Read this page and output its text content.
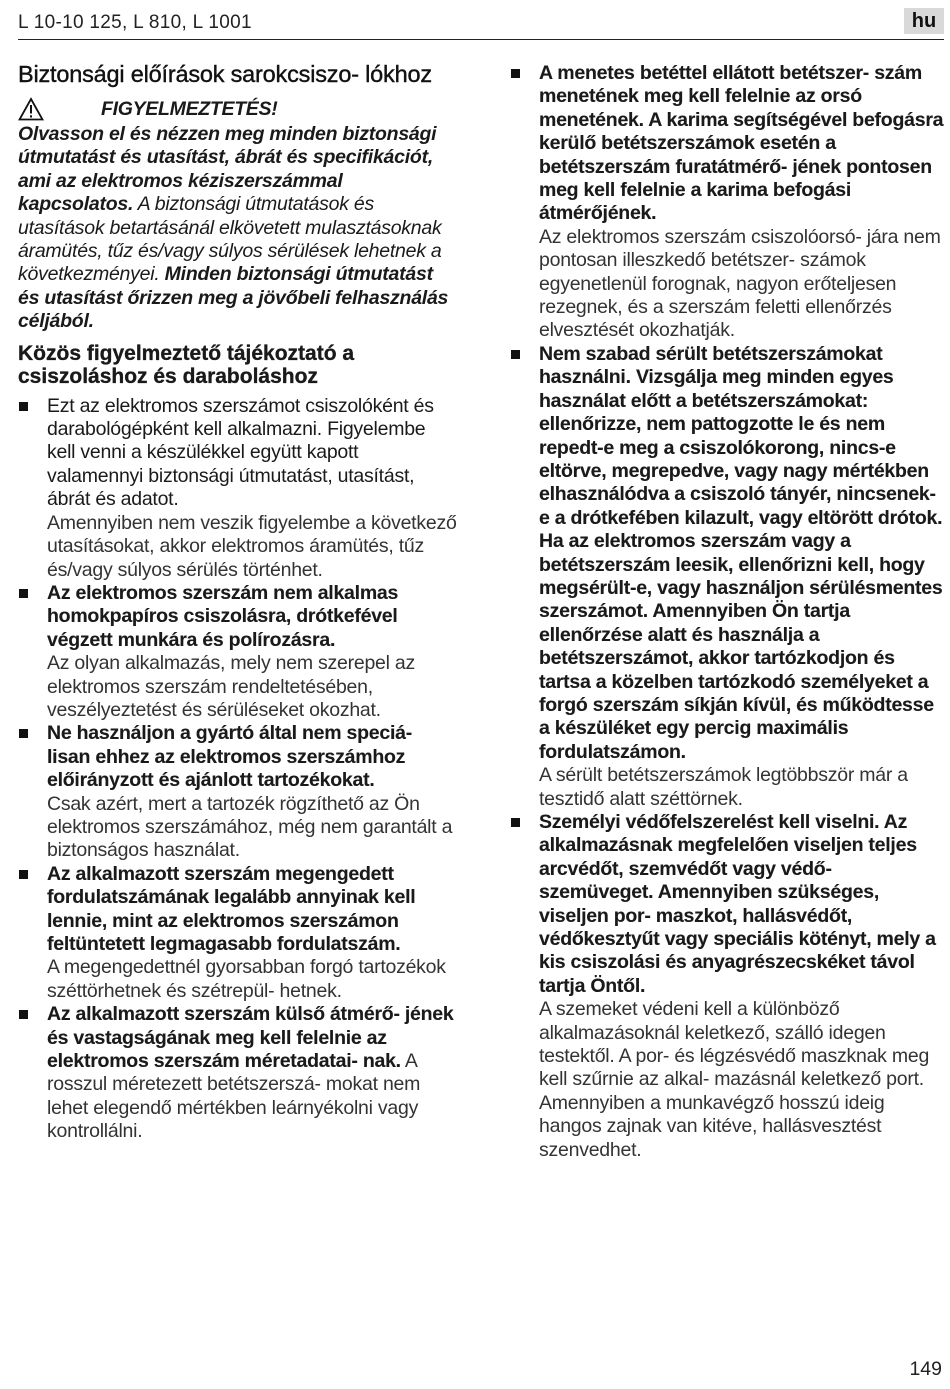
L 10-10 125, L 810, L 1001	hu
Biztonsági előírások sarokcsiszo- lókhoz
FIGYELMEZTETÉS!

Olvasson el és nézzen meg minden biztonsági útmutatást és utasítást, ábrát és specifikációt, ami az elektromos kéziszerszámmal kapcsolatos. A biztonsági útmutatások és utasítások betartásánál elkövetett mulasztásoknak áramütés, tűz és/vagy súlyos sérülések lehetnek a következményei. Minden biztonsági útmutatást és utasítást őrizzen meg a jövőbeli felhasználás céljából.

Közös figyelmeztető tájékoztató a csiszoláshoz és daraboláshoz
Ezt az elektromos szerszámot csiszolóként és darabológépként kell alkalmazni. Figyelembe kell venni a készülékkel együtt kapott valamennyi biztonsági útmutatást, utasítást, ábrát és adatot.
Amennyiben nem veszik figyelembe a következő utasításokat, akkor elektromos áramütés, tűz és/vagy súlyos sérülés történhet.
Az elektromos szerszám nem alkalmas homokpapíros csiszolásra, drótkefével végzett munkára és polírozásra.
Az olyan alkalmazás, mely nem szerepel az elektromos szerszám rendeltetésében, veszélyeztetést és sérüléseket okozhat.
Ne használjon a gyártó által nem speciá- lisan ehhez az elektromos szerszámhoz előirányzott és ajánlott tartozékokat.
Csak azért, mert a tartozék rögzíthető az Ön elektromos szerszámához, még nem garantált a biztonságos használat.
Az alkalmazott szerszám megengedett fordulatszámának legalább annyinak kell lennie, mint az elektromos szerszámon feltüntetett legmagasabb fordulatszám.
A megengedettnél gyorsabban forgó tartozékok széttörhetnek és szétrepül- hetnek.
Az alkalmazott szerszám külső átmérő- jének és vastagságának meg kell felelnie az elektromos szerszám méretadatai- nak. A rosszul méretezett betétszerszá- mokat nem lehet elegendő mértékben leárnyékolni vagy kontrollálni.
A menetes betéttel ellátott betétszer- szám menetének meg kell felelnie az orsó menetének. A karima segítségével befogásra kerülő betétszerszámok esetén a betétszerszám furatátmérő- jének pontosen meg kell felelnie a karima befogási átmérőjének.
Az elektromos szerszám csiszolóorsó- jára nem pontosan illeszkedő betétszer- számok egyenetlenül forognak, nagyon erőteljesen rezegnek, és a szerszám feletti ellenőrzés elvesztését okozhatják.
Nem szabad sérült betétszerszámokat használni. Vizsgálja meg minden egyes használat előtt a betétszerszámokat: ellenőrizze, nem pattogzotte le és nem repedt-e meg a csiszolókorong, nincs-e eltörve, megrepedve, vagy nagy mértékben elhasználódva a csiszoló tányér, nincsenek-e a drótkefében kilazult, vagy eltörött drótok. Ha az elektromos szerszám vagy a betétszerszám leesik, ellenőrizni kell, hogy megsérült-e, vagy használjon sérülésmentes szerszámot. Amennyiben Ön tartja ellenőrzése alatt és használja a betétszerszámot, akkor tartózkodjon és tartsa a közelben tartózkodó személyeket a forgó szerszám síkján kívül, és működtesse a készüléket egy percig maximális fordulatszámon.
A sérült betétszerszámok legtöbbször már a tesztidő alatt széttörnek.
Személyi védőfelszerelést kell viselni. Az alkalmazásnak megfelelően viseljen teljes arcvédőt, szemvédőt vagy védő- szemüveget. Amennyiben szükséges, viseljen por- maszkot, hallásvédőt, védőkesztyűt vagy speciális kötényt, mely a kis csiszolási és anyagrészecskéket távol tartja Öntől.
A szemeket védeni kell a különböző alkalmazásoknál keletkező, szálló idegen testektől. A por- és légzésvédő maszknak meg kell szűrnie az alkal- mazásnál keletkező port. Amennyiben a munkavégző hosszú ideig hangos zajnak van kitéve, hallásvesztést szenvedhet.
149
